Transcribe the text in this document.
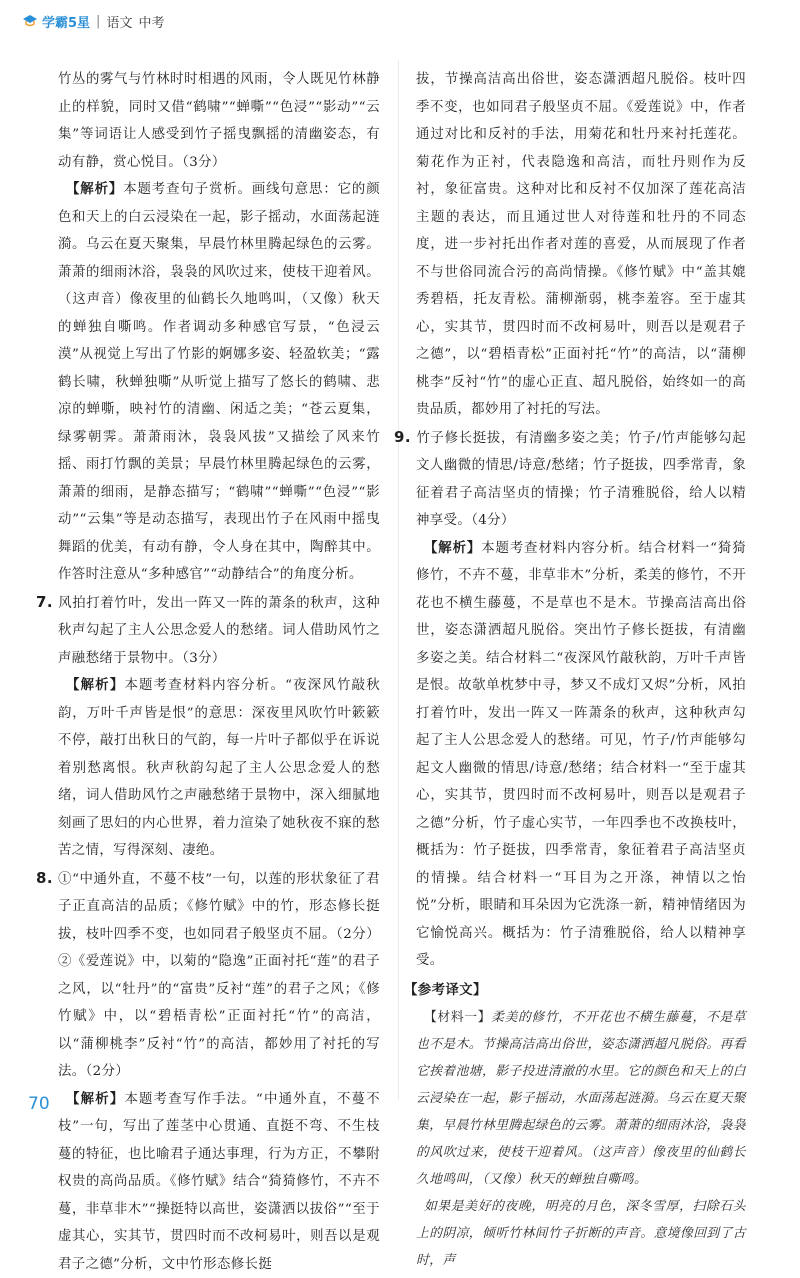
学霸5星 | 语文 中考

竹丛的雾气与竹林时时相遇的风雨，令人既见竹林静止的样貌，同时又借“鹤啸”“蝉嘶”“色浸”“影动”“云集”等词语让人感受到竹子摇曳飘摇的清幽姿态，有动有静，赏心悦目。（3分）

【解析】本题考查句子赏析。画线句意思：它的颜色和天上的白云浸染在一起，影子摇动，水面荡起涟漪。乌云在夏天聚集，早晨竹林里腾起绿色的云雾。萧萧的细雨沐浴，袅袅的风吹过来，使枝干迎着风。（这声音）像夜里的仙鹤长久地鸣叫，（又像）秋天的蝉独自嘶鸣。作者调动多种感官写景，“色浸云漠”从视觉上写出了竹影的婀娜多姿、轻盈软美；“露鹤长啸，秋蝉独嘶”从听觉上描写了悠长的鹤啸、悲凉的蝉嘶，映衬竹的清幽、闲适之美；“苍云夏集，绿雾朝霁。萧萧雨沐，袅袅风拔”又描绘了风来竹摇、雨打竹飘的美景；早晨竹林里腾起绿色的云雾，萧萧的细雨，是静态描写；“鹤啸”“蝉嘶”“色浸”“影动”“云集”等是动态描写，表现出竹子在风雨中摇曳舞蹈的优美，有动有静，令人身在其中，陶醉其中。作答时注意从“多种感官”“动静结合”的角度分析。

7. 风拍打着竹叶，发出一阵又一阵的萧条的秋声，这种秋声勾起了主人公思念爱人的愁绪。词人借助风竹之声融愁绪于景物中。（3分）

【解析】本题考查材料内容分析。“夜深风竹敲秋韵，万叶千声皆是恨”的意思：深夜里风吹竹叶簌簌不停，敲打出秋日的气韵，每一片叶子都似乎在诉说着别愁离恨。秋声秋韵勾起了主人公思念爱人的愁绪，词人借助风竹之声融愁绪于景物中，深入细腻地刻画了思妇的内心世界，着力渲染了她秋夜不寐的愁苦之情，写得深刻、凄绝。

8. ①“中通外直，不蔓不枝”一句，以莲的形状象征了君子正直高洁的品质；《修竹赋》中的竹，形态修长挺拔，枝叶四季不变，也如同君子般坚贞不屈。（2分）②《爱莲说》中，以菊的“隐逸”正面衬托“莲”的君子之风，以“牡丹”的“富贵”反衬“莲”的君子之风；《修竹赋》中，以“碧梧青松”正面衬托“竹”的高洁，以“蒲柳桃李”反衬“竹”的高洁，都妙用了衬托的写法。（2分）

【解析】本题考查写作手法。“中通外直，不蔓不枝”一句，写出了莲茎中心贯通、直挺不弯、不生枝蔓的特征，也比喻君子通达事理，行为方正，不攀附权贵的高尚品质。《修竹赋》结合“猗猗修竹，不卉不蔓，非草非木”“操挺特以高世，姿潇洒以拔俗”“至于虚其心，实其节，贯四时而不改柯易叶，则吾以是观君子之德”分析，文中竹形态修长挺

拔，节操高洁高出俗世，姿态潇洒超凡脱俗。枝叶四季不变，也如同君子般坚贞不屈。《爱莲说》中，作者通过对比和反衬的手法，用菊花和牡丹来衬托莲花。菊花作为正衬，代表隐逸和高洁，而牡丹则作为反衬，象征富贵。这种对比和反衬不仅加深了莲花高洁主题的表达，而且通过世人对待莲和牡丹的不同态度，进一步衬托出作者对莲的喜爱，从而展现了作者不与世俗同流合污的高尚情操。《修竹赋》中“盖其媲秀碧梧，托友青松。蒲柳渐弱，桃李羞容。至于虚其心，实其节，贯四时而不改柯易叶，则吾以是观君子之德”，以“碧梧青松”正面衬托“竹”的高洁，以“蒲柳桃李”反衬“竹”的虚心正直、超凡脱俗，始终如一的高贵品质，都妙用了衬托的写法。

9. 竹子修长挺拔，有清幽多姿之美；竹子/竹声能够勾起文人幽微的情思/诗意/愁绪；竹子挺拔，四季常青，象征着君子高洁坚贞的情操；竹子清雅脱俗，给人以精神享受。（4分）

【解析】本题考查材料内容分析。结合材料一“猗猗修竹，不卉不蔓，非草非木”分析，柔美的修竹，不开花也不横生藤蔓，不是草也不是木。节操高洁高出俗世，姿态潇洒超凡脱俗。突出竹子修长挺拔，有清幽多姿之美。结合材料二“夜深风竹敲秋韵，万叶千声皆是恨。故欹单枕梦中寻，梦又不成灯又烬”分析，风拍打着竹叶，发出一阵又一阵萧条的秋声，这种秋声勾起了主人公思念爱人的愁绪。可见，竹子/竹声能够勾起文人幽微的情思/诗意/愁绪；结合材料一“至于虚其心，实其节，贯四时而不改柯易叶，则吾以是观君子之德”分析，竹子虚心实节，一年四季也不改换枝叶，概括为：竹子挺拔，四季常青，象征着君子高洁坚贞的情操。结合材料一“耳目为之开涤，神情以之怡悦”分析，眼睛和耳朵因为它洗涤一新，精神情绪因为它愉悦高兴。概括为：竹子清雅脱俗，给人以精神享受。

【参考译文】

【材料一】柔美的修竹，不开花也不横生藤蔓，不是草也不是木。节操高洁高出俗世，姿态潇洒超凡脱俗。再看它挨着池塘，影子投进清澈的水里。它的颜色和天上的白云浸染在一起，影子摇动，水面荡起涟漪。乌云在夏天聚集，早晨竹林里腾起绿色的云雾。萧萧的细雨沐浴，袅袅的风吹过来，使枝干迎着风。（这声音）像夜里的仙鹤长久地鸣叫，（又像）秋天的蝉独自嘶鸣。

如果是美好的夜晚，明亮的月色，深冬雪厚，扫除石头上的阴凉，倾听竹林间竹子折断的声音。意境像回到了古时，声

70
